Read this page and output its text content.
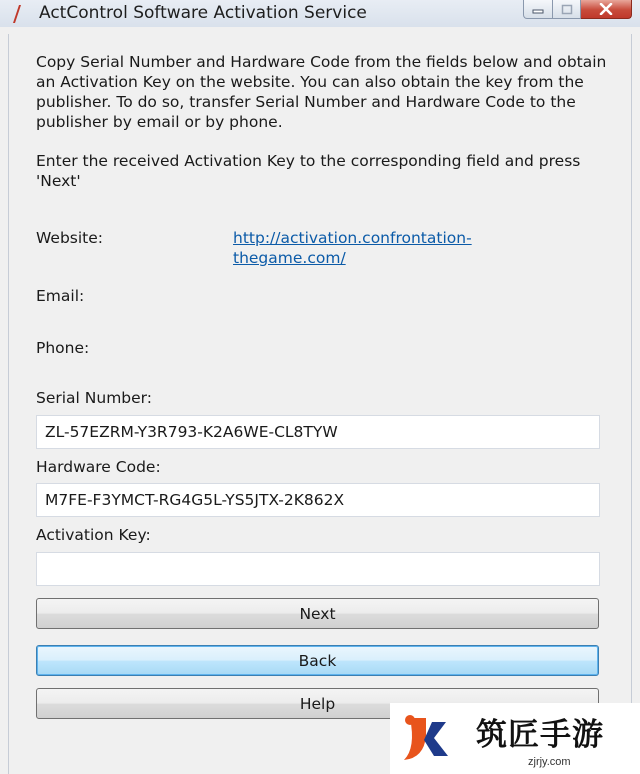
ActControl Software Activation Service
Copy Serial Number and Hardware Code from the fields below and obtain an Activation Key on the website. You can also obtain the key from the publisher. To do so, transfer Serial Number and Hardware Code to the publisher by email or by phone.
Enter the received Activation Key to the corresponding field and press 'Next'
Website:	http://activation.confrontation-thegame.com/
Email:
Phone:
Serial Number:
ZL-57EZRM-Y3R793-K2A6WE-CL8TYW
Hardware Code:
M7FE-F3YMCT-RG4G5L-YS5JTX-2K862X
Activation Key:
Next
Back
Help
筑匠手游
zjrjy.com
